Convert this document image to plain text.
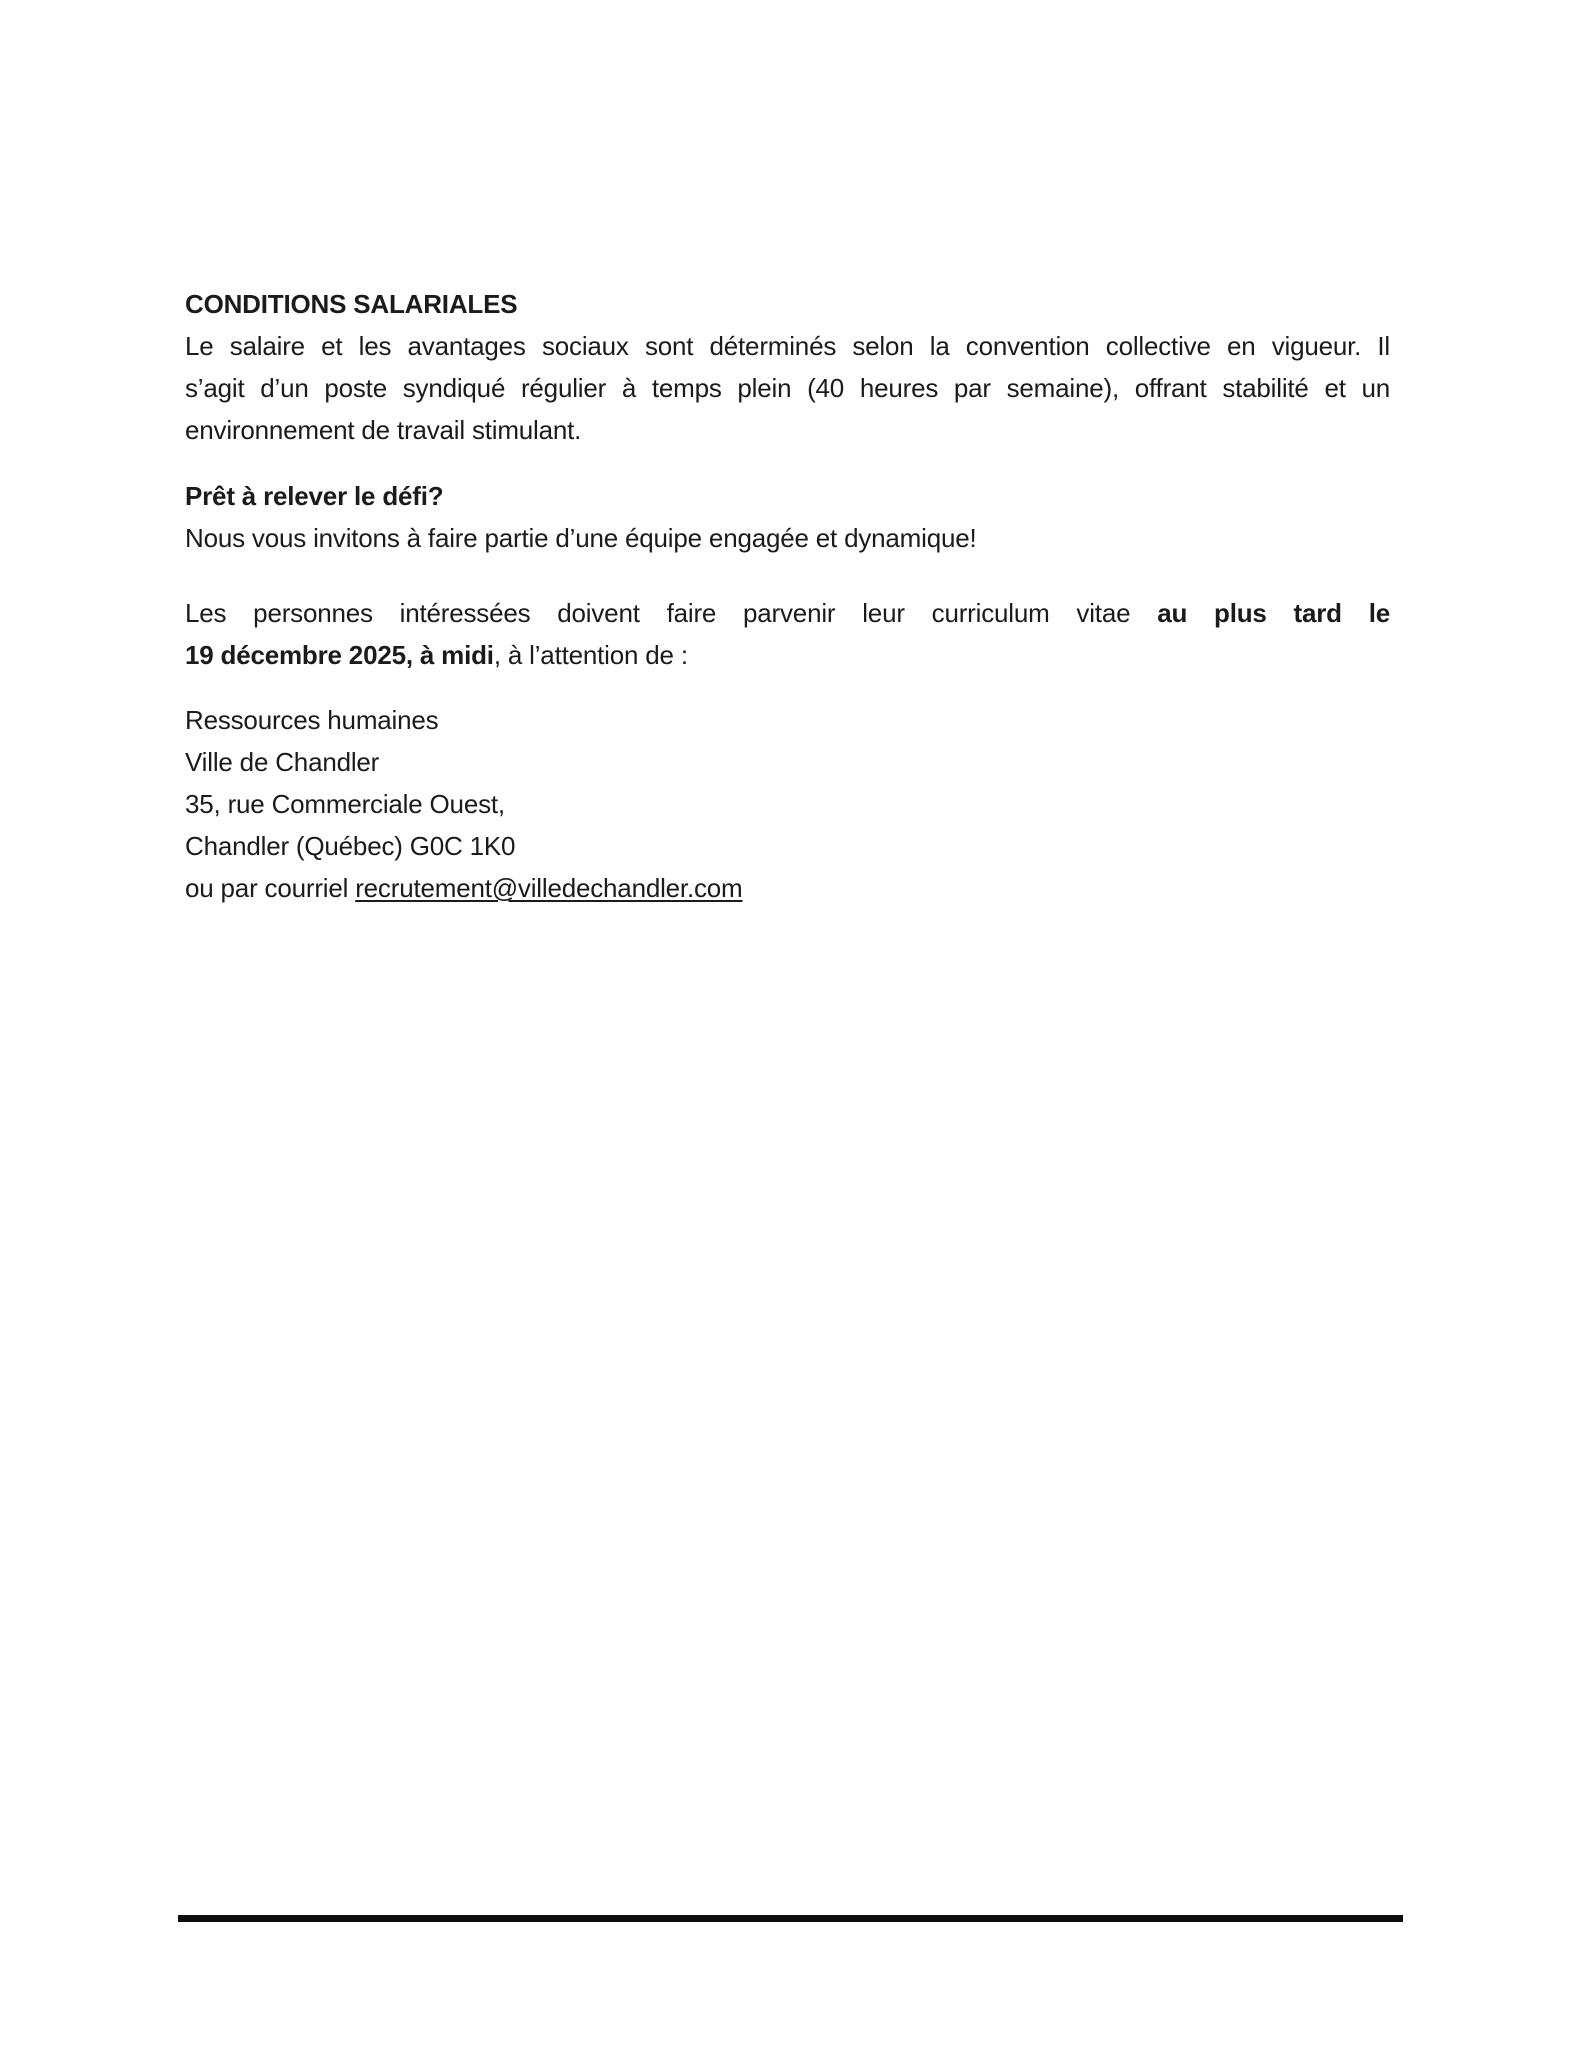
CONDITIONS SALARIALES
Le salaire et les avantages sociaux sont déterminés selon la convention collective en vigueur. Il
s’agit d’un poste syndiqué régulier à temps plein (40 heures par semaine), offrant stabilité et un
environnement de travail stimulant.
Prêt à relever le défi?
Nous vous invitons à faire partie d’une équipe engagée et dynamique!
Les personnes intéressées doivent faire parvenir leur curriculum vitae au plus tard le
19 décembre 2025, à midi, à l’attention de :
Ressources humaines
Ville de Chandler
35, rue Commerciale Ouest,
Chandler (Québec) G0C 1K0
ou par courriel recrutement@villedechandler.com
